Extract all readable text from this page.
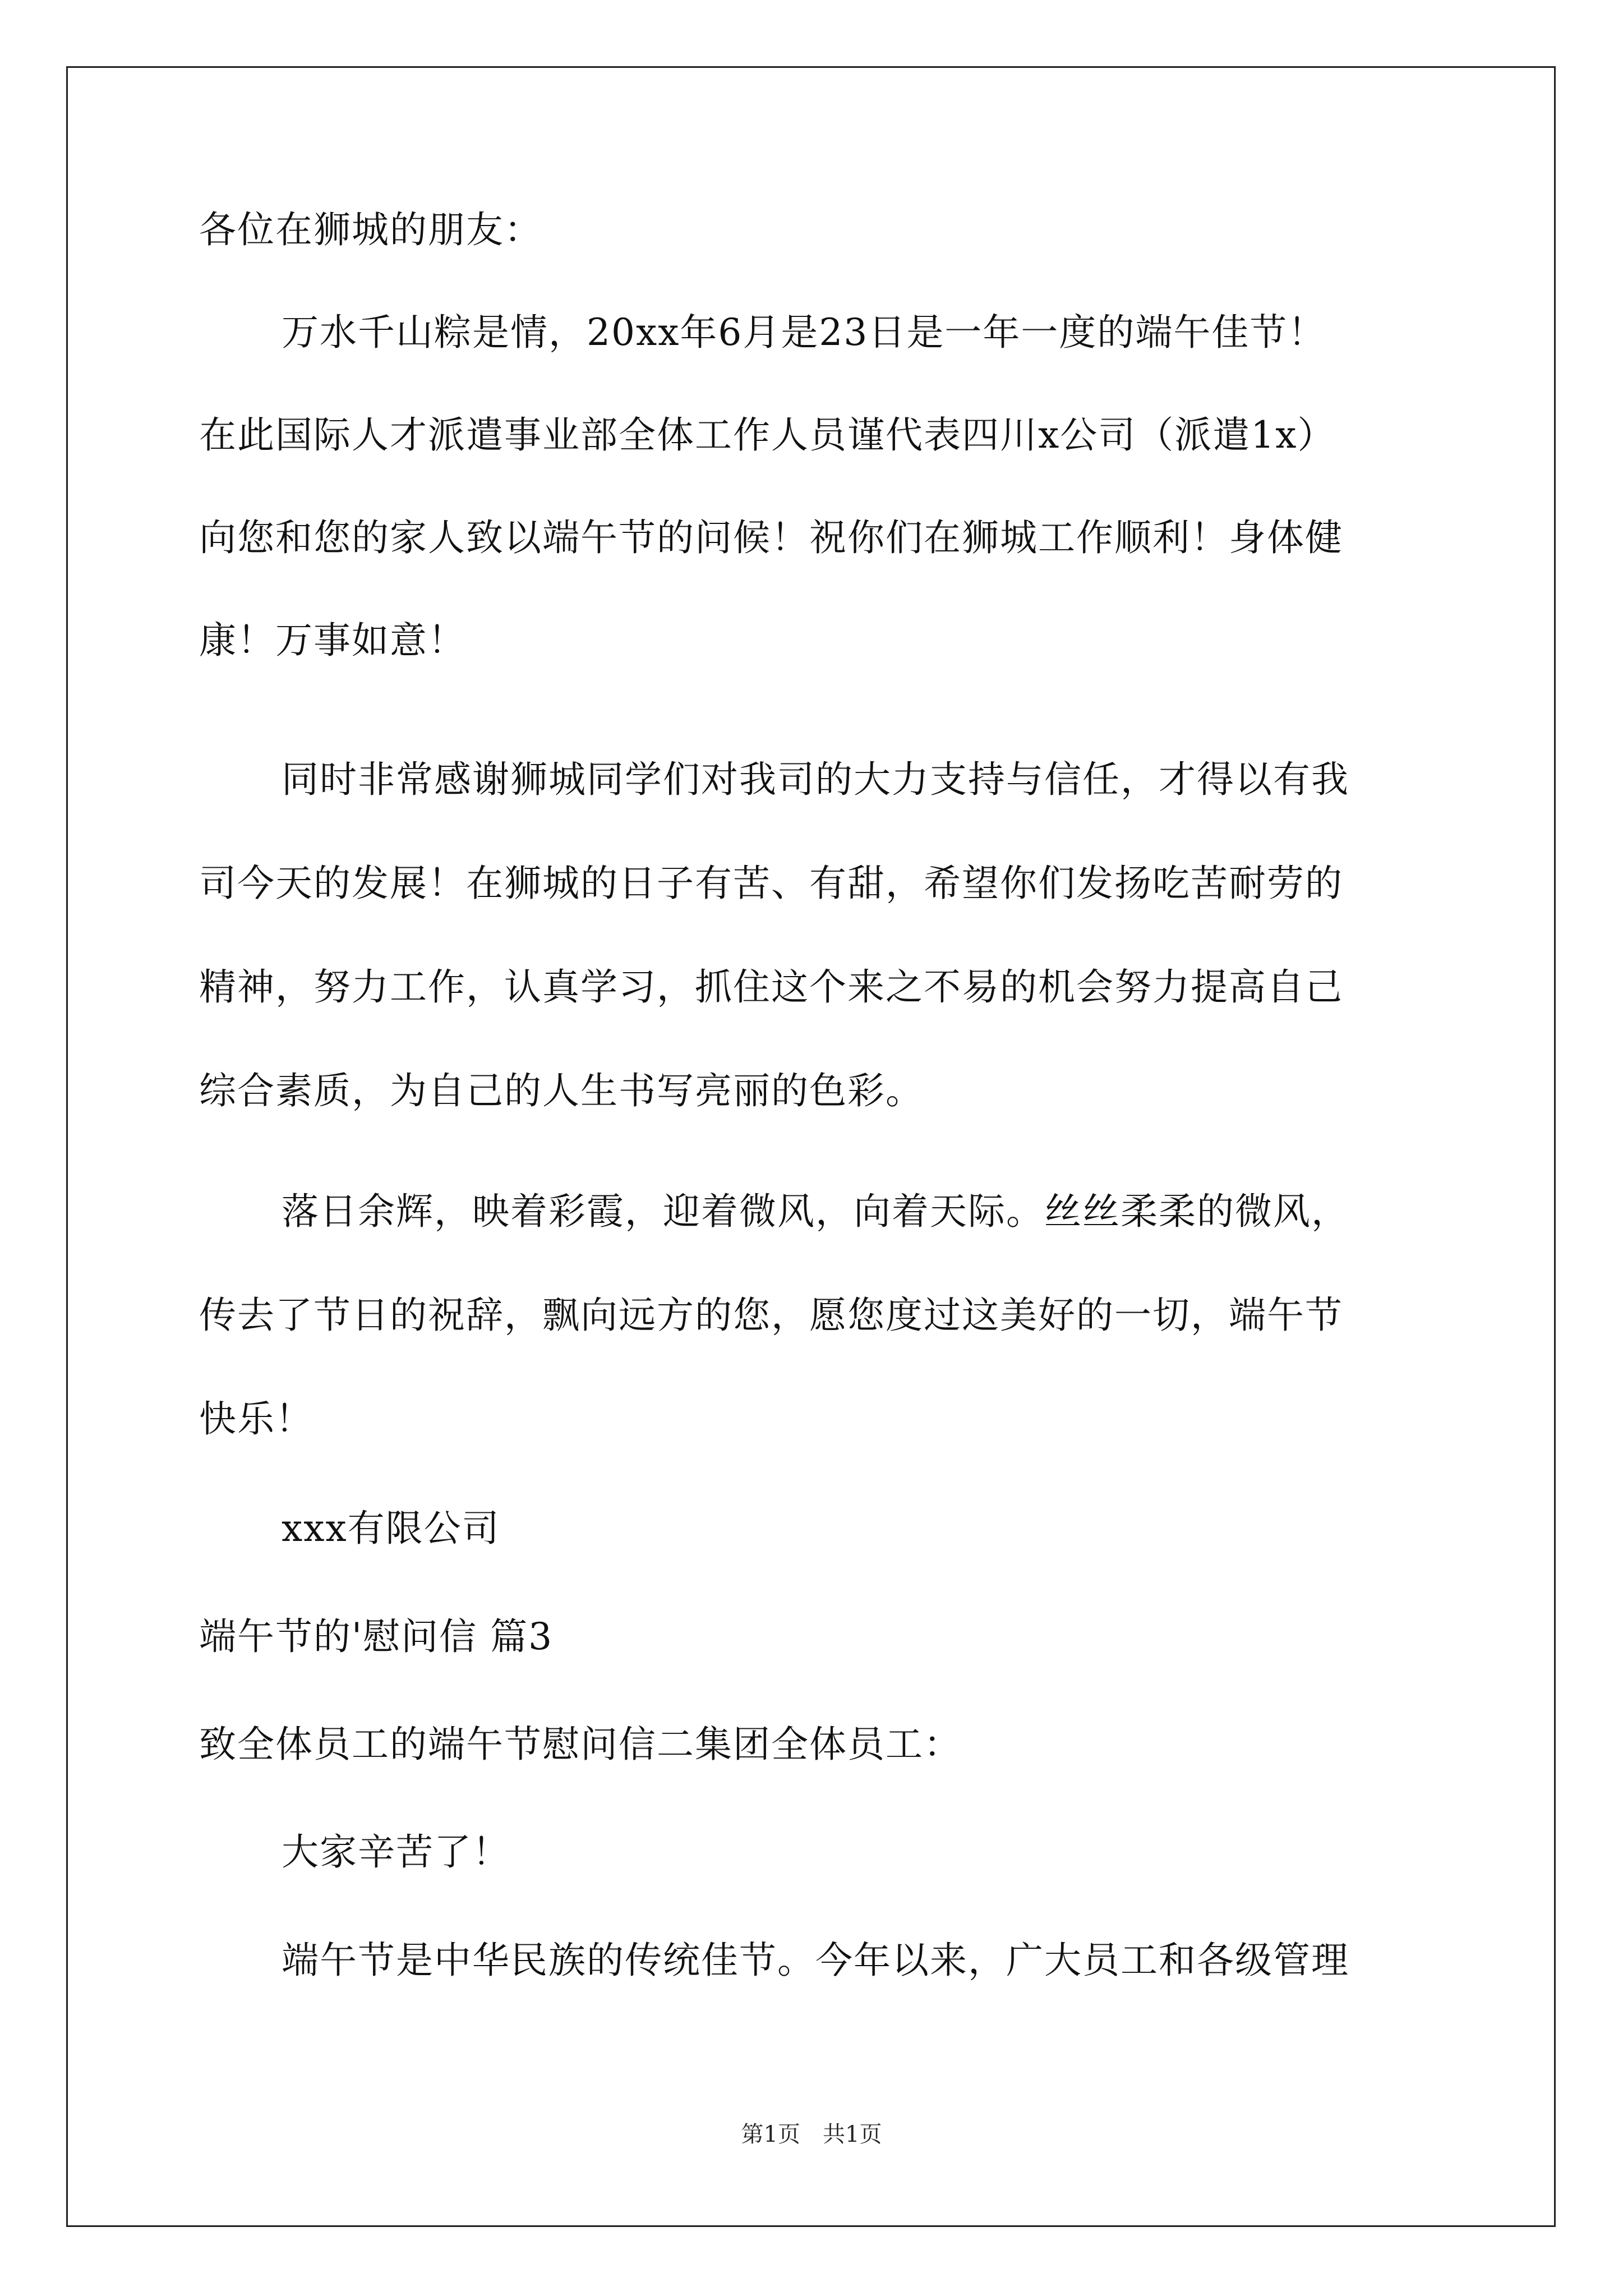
各位在狮城的朋友：
万水千山粽是情，20xx年6月是23日是一年一度的端午佳节！
在此国际人才派遣事业部全体工作人员谨代表四川x公司（派遣1x）
向您和您的家人致以端午节的问候！祝你们在狮城工作顺利！身体健
康！万事如意！
同时非常感谢狮城同学们对我司的大力支持与信任，才得以有我
司今天的发展！在狮城的日子有苦、有甜，希望你们发扬吃苦耐劳的
精神，努力工作，认真学习，抓住这个来之不易的机会努力提高自己
综合素质，为自己的人生书写亮丽的色彩。
落日余辉，映着彩霞，迎着微风，向着天际。丝丝柔柔的微风，
传去了节日的祝辞，飘向远方的您，愿您度过这美好的一切，端午节
快乐！
xxx有限公司
端午节的'慰问信 篇3
致全体员工的端午节慰问信二集团全体员工：
大家辛苦了！
端午节是中华民族的传统佳节。今年以来，广大员工和各级管理
第1页 共1页
